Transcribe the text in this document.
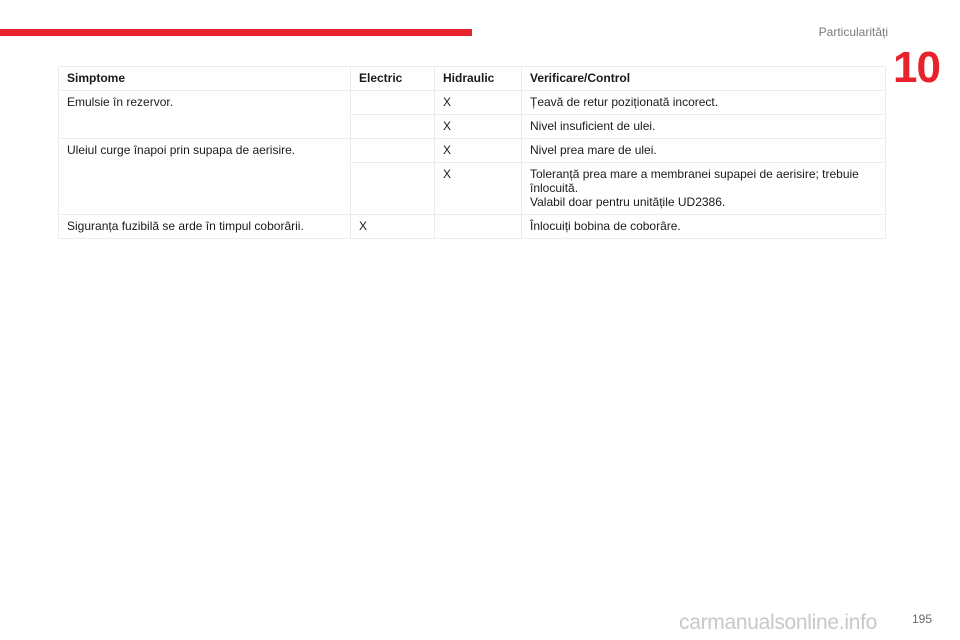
Particularități
10
Simptome	Electric	Hidraulic	Verificare/Control
Emulsie în rezervor.		X	Țeavă de retur poziționată incorect.
		X	Nivel insuficient de ulei.
Uleiul curge înapoi prin supapa de aerisire.		X	Nivel prea mare de ulei.
		X	Toleranță prea mare a membranei supapei de aerisire; trebuie înlocuită.
Valabil doar pentru unitățile UD2386.
Siguranța fuzibilă se arde în timpul coborârii.	X		Înlocuiți bobina de coborâre.
195
carmanualsonline.info
